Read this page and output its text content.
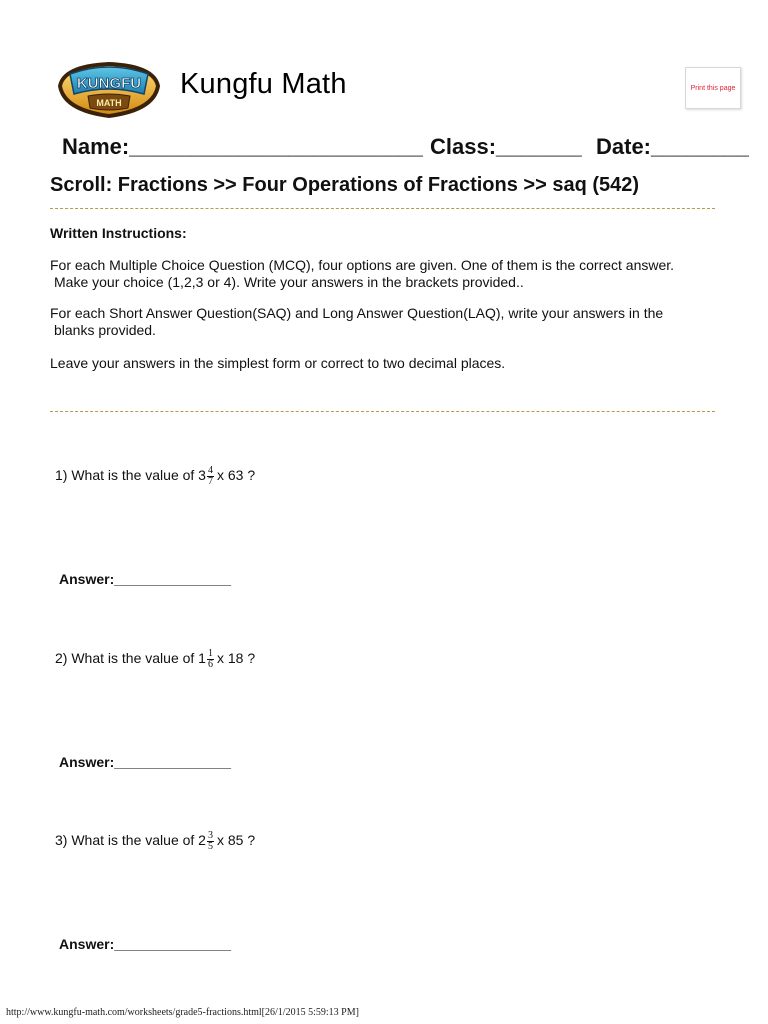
KUNGFU
MATH
Kungfu Math	Print this page
Name:________________________ Class:_______ Date:________
Scroll: Fractions >> Four Operations of Fractions >> saq (542)
Written Instructions:
For each Multiple Choice Question (MCQ), four options are given. One of them is the correct answer.
Make your choice (1,2,3 or 4). Write your answers in the brackets provided..
For each Short Answer Question(SAQ) and Long Answer Question(LAQ), write your answers in the
blanks provided.
Leave your answers in the simplest form or correct to two decimal places.
1) What is the value of $3 \frac{4}{7}$ x 63 ?
Answer:_______________
2) What is the value of $1 \frac{1}{6}$ x 18 ?
Answer:_______________
3) What is the value of $2 \frac{3}{5}$ x 85 ?
Answer:_______________
http://www.kungfu-math.com/worksheets/grade5-fractions.html[26/1/2015 5:59:13 PM]
